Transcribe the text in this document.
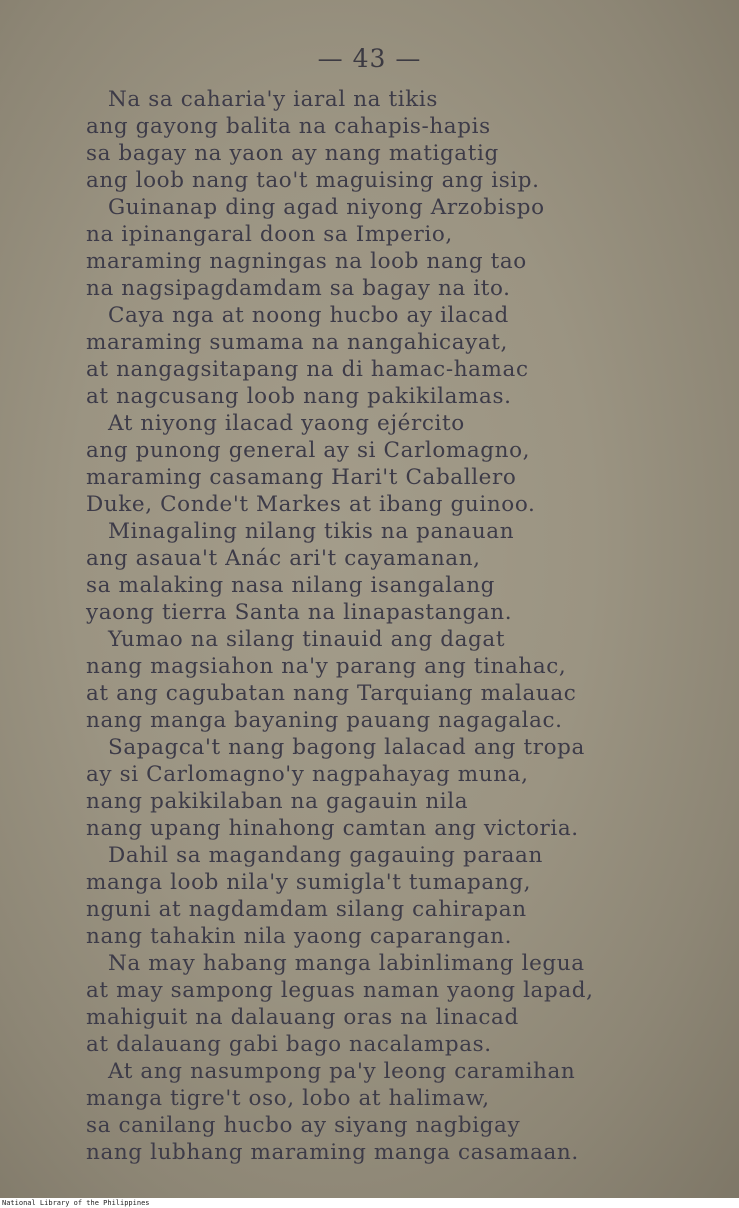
— 43 —
Na sa caharia'y iaral na tikis
ang gayong balita na cahapis-hapis
sa bagay na yaon ay nang matigatig
ang loob nang tao't maguising ang isip.
Guinanap ding agad niyong Arzobispo
na ipinangaral doon sa Imperio,
maraming nagningas na loob nang tao
na nagsipagdamdam sa bagay na ito.
Caya nga at noong hucbo ay ilacad
maraming sumama na nangahicayat,
at nangagsitapang na di hamac-hamac
at nagcusang loob nang pakikilamas.
At niyong ilacad yaong ejército
ang punong general ay si Carlomagno,
maraming casamang Hari't Caballero
Duke, Conde't Markes at ibang guinoo.
Minagaling nilang tikis na panauan
ang asaua't Anác ari't cayamanan,
sa malaking nasa nilang isangalang
yaong tierra Santa na linapastangan.
Yumao na silang tinauid ang dagat
nang magsiahon na'y parang ang tinahac,
at ang cagubatan nang Tarquiang malauac
nang manga bayaning pauang nagagalac.
Sapagca't nang bagong lalacad ang tropa
ay si Carlomagno'y nagpahayag muna,
nang pakikilaban na gagauin nila
nang upang hinahong camtan ang victoria.
Dahil sa magandang gagauing paraan
manga loob nila'y sumigla't tumapang,
nguni at nagdamdam silang cahirapan
nang tahakin nila yaong caparangan.
Na may habang manga labinlimang legua
at may sampong leguas naman yaong lapad,
mahiguit na dalauang oras na linacad
at dalauang gabi bago nacalampas.
At ang nasumpong pa'y leong caramihan
manga tigre't oso, lobo at halimaw,
sa canilang hucbo ay siyang nagbigay
nang lubhang maraming manga casamaan.
National Library of the Philippines
